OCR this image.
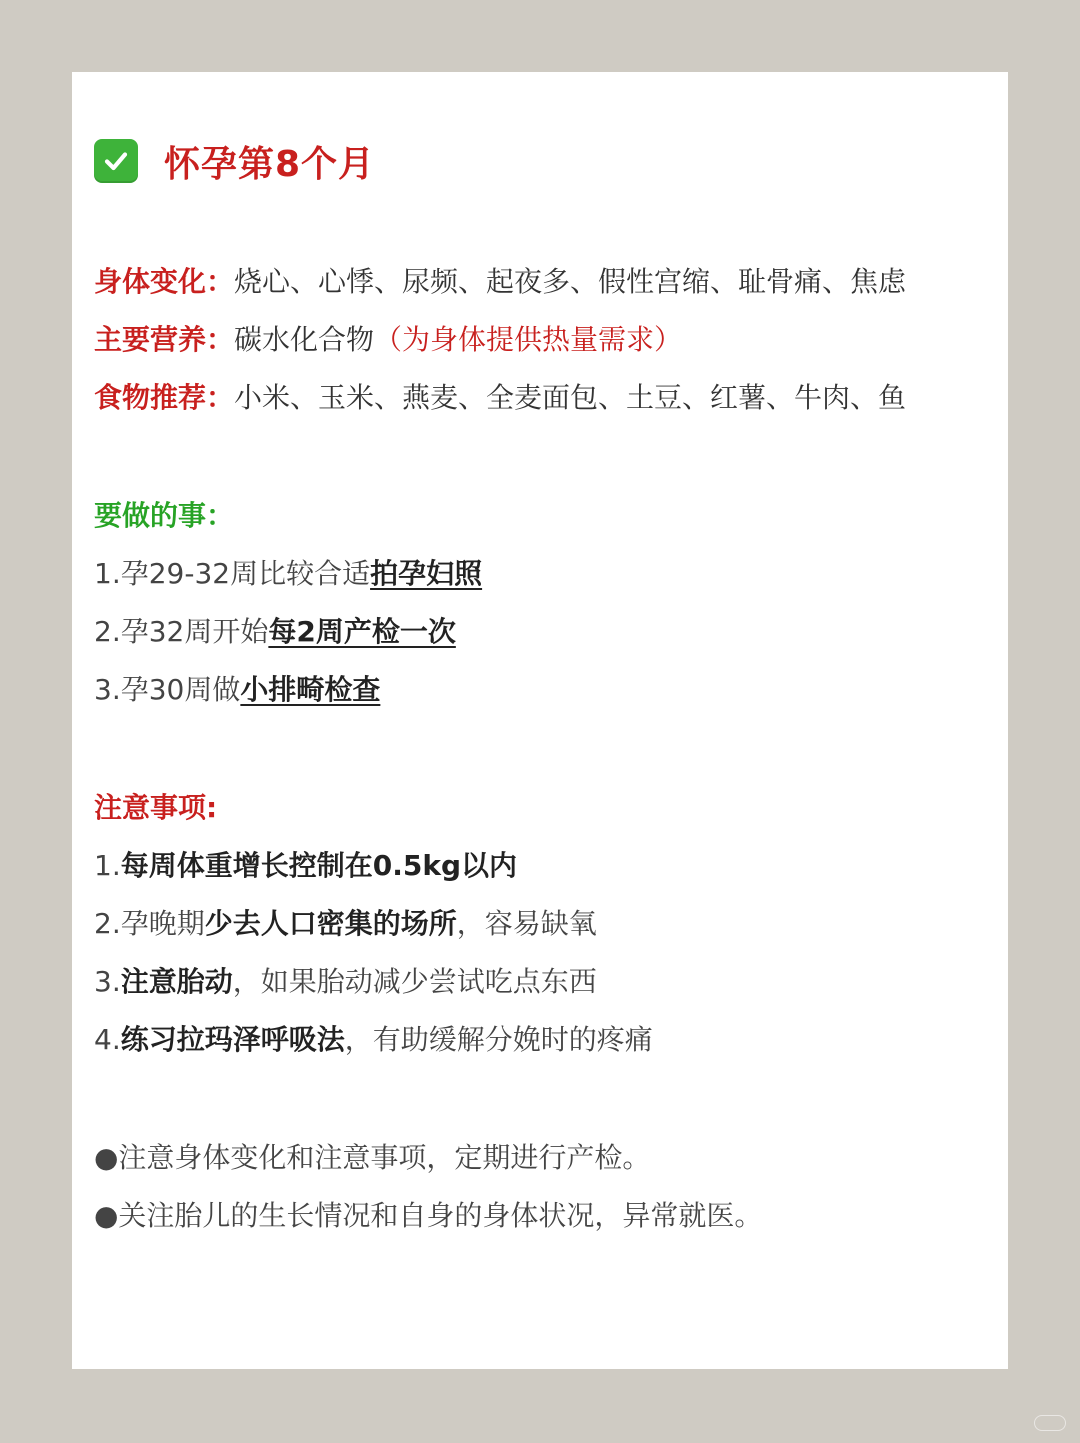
怀孕第8个月
身体变化：烧心、心悸、尿频、起夜多、假性宫缩、耻骨痛、焦虑
主要营养：碳水化合物（为身体提供热量需求）
食物推荐：小米、玉米、燕麦、全麦面包、土豆、红薯、牛肉、鱼
要做的事：
1.孕29-32周比较合适拍孕妇照
2.孕32周开始每2周产检一次
3.孕30周做小排畸检查
注意事项:
1.每周体重增长控制在0.5kg以内
2.孕晚期少去人口密集的场所，容易缺氧
3.注意胎动，如果胎动减少尝试吃点东西
4.练习拉玛泽呼吸法，有助缓解分娩时的疼痛
●注意身体变化和注意事项，定期进行产检。
●关注胎儿的生长情况和自身的身体状况，异常就医。
